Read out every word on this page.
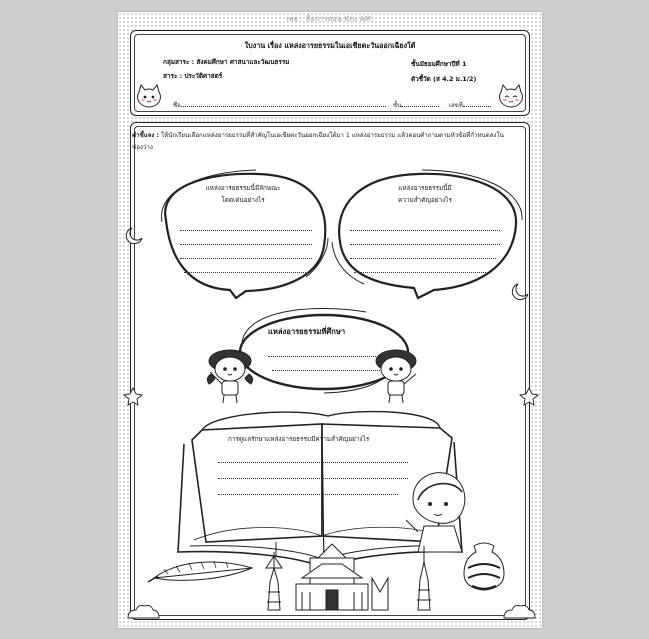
เพจ : สื่อการสอน Kru AM.
ใบงาน เรื่อง แหล่งอารยธรรมในเอเชียตะวันออกเฉียงใต้
กลุ่มสาระ : สังคมศึกษา ศาสนาและวัฒนธรรม	ชั้นมัธยมศึกษาปีที่ 1
สาระ : ประวัติศาสตร์	ตัวชี้วัด (ส 4.2 ม.1/2)
ชื่อ	ชั้น	เลขที่
คำชี้แจง : ให้นักเรียนเลือกแหล่งอารยธรรมที่สำคัญในเอเชียตะวันออกเฉียงใต้มา 1 แหล่งอารยธรรม แล้วตอบคำถามตามหัวข้อที่กำหนดลงในช่องว่าง
แหล่งอารยธรรมนี้มีลักษณะ
โดดเด่นอย่างไร
แหล่งอารยธรรมนี้มี
ความสำคัญอย่างไร
แหล่งอารยธรรมที่ศึกษา
การดูแลรักษาแหล่งอารยธรรมมีความสำคัญอย่างไร
